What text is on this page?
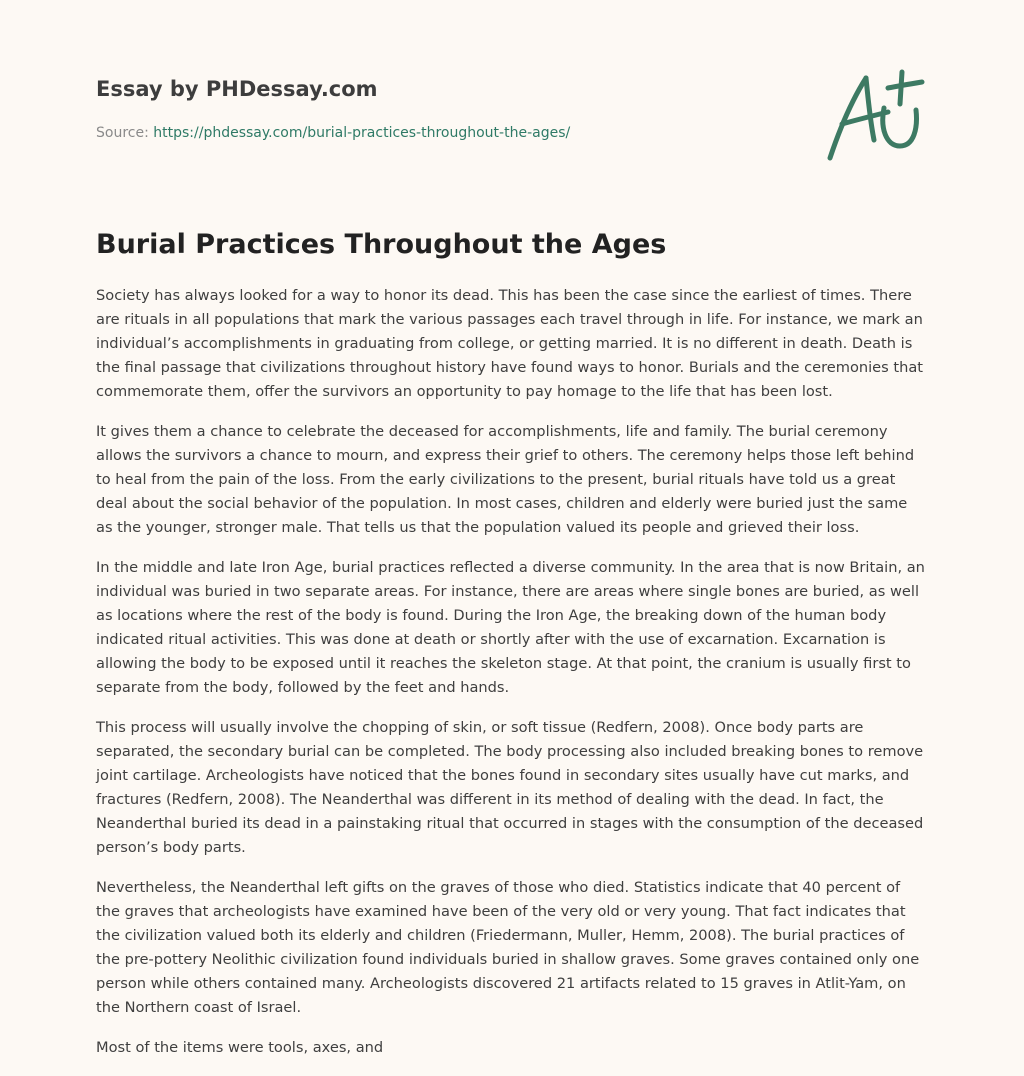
Essay by PHDessay.com
Source: https://phdessay.com/burial-practices-throughout-the-ages/
Burial Practices Throughout the Ages

Society has always looked for a way to honor its dead. This has been the case since the earliest of times. There are rituals in all populations that mark the various passages each travel through in life. For instance, we mark an individual’s accomplishments in graduating from college, or getting married. It is no different in death. Death is the final passage that civilizations throughout history have found ways to honor. Burials and the ceremonies that commemorate them, offer the survivors an opportunity to pay homage to the life that has been lost.

It gives them a chance to celebrate the deceased for accomplishments, life and family. The burial ceremony allows the survivors a chance to mourn, and express their grief to others. The ceremony helps those left behind to heal from the pain of the loss. From the early civilizations to the present, burial rituals have told us a great deal about the social behavior of the population. In most cases, children and elderly were buried just the same as the younger, stronger male. That tells us that the population valued its people and grieved their loss.

In the middle and late Iron Age, burial practices reflected a diverse community. In the area that is now Britain, an individual was buried in two separate areas. For instance, there are areas where single bones are buried, as well as locations where the rest of the body is found. During the Iron Age, the breaking down of the human body indicated ritual activities. This was done at death or shortly after with the use of excarnation. Excarnation is allowing the body to be exposed until it reaches the skeleton stage. At that point, the cranium is usually first to separate from the body, followed by the feet and hands.

This process will usually involve the chopping of skin, or soft tissue (Redfern, 2008). Once body parts are separated, the secondary burial can be completed. The body processing also included breaking bones to remove joint cartilage. Archeologists have noticed that the bones found in secondary sites usually have cut marks, and fractures (Redfern, 2008). The Neanderthal was different in its method of dealing with the dead. In fact, the Neanderthal buried its dead in a painstaking ritual that occurred in stages with the consumption of the deceased person’s body parts.

Nevertheless, the Neanderthal left gifts on the graves of those who died. Statistics indicate that 40 percent of the graves that archeologists have examined have been of the very old or very young. That fact indicates that the civilization valued both its elderly and children (Friedermann, Muller, Hemm, 2008). The burial practices of the pre-pottery Neolithic civilization found individuals buried in shallow graves. Some graves contained only one person while others contained many. Archeologists discovered 21 artifacts related to 15 graves in Atlit-Yam, on the Northern coast of Israel.

Most of the items were tools, axes, and
